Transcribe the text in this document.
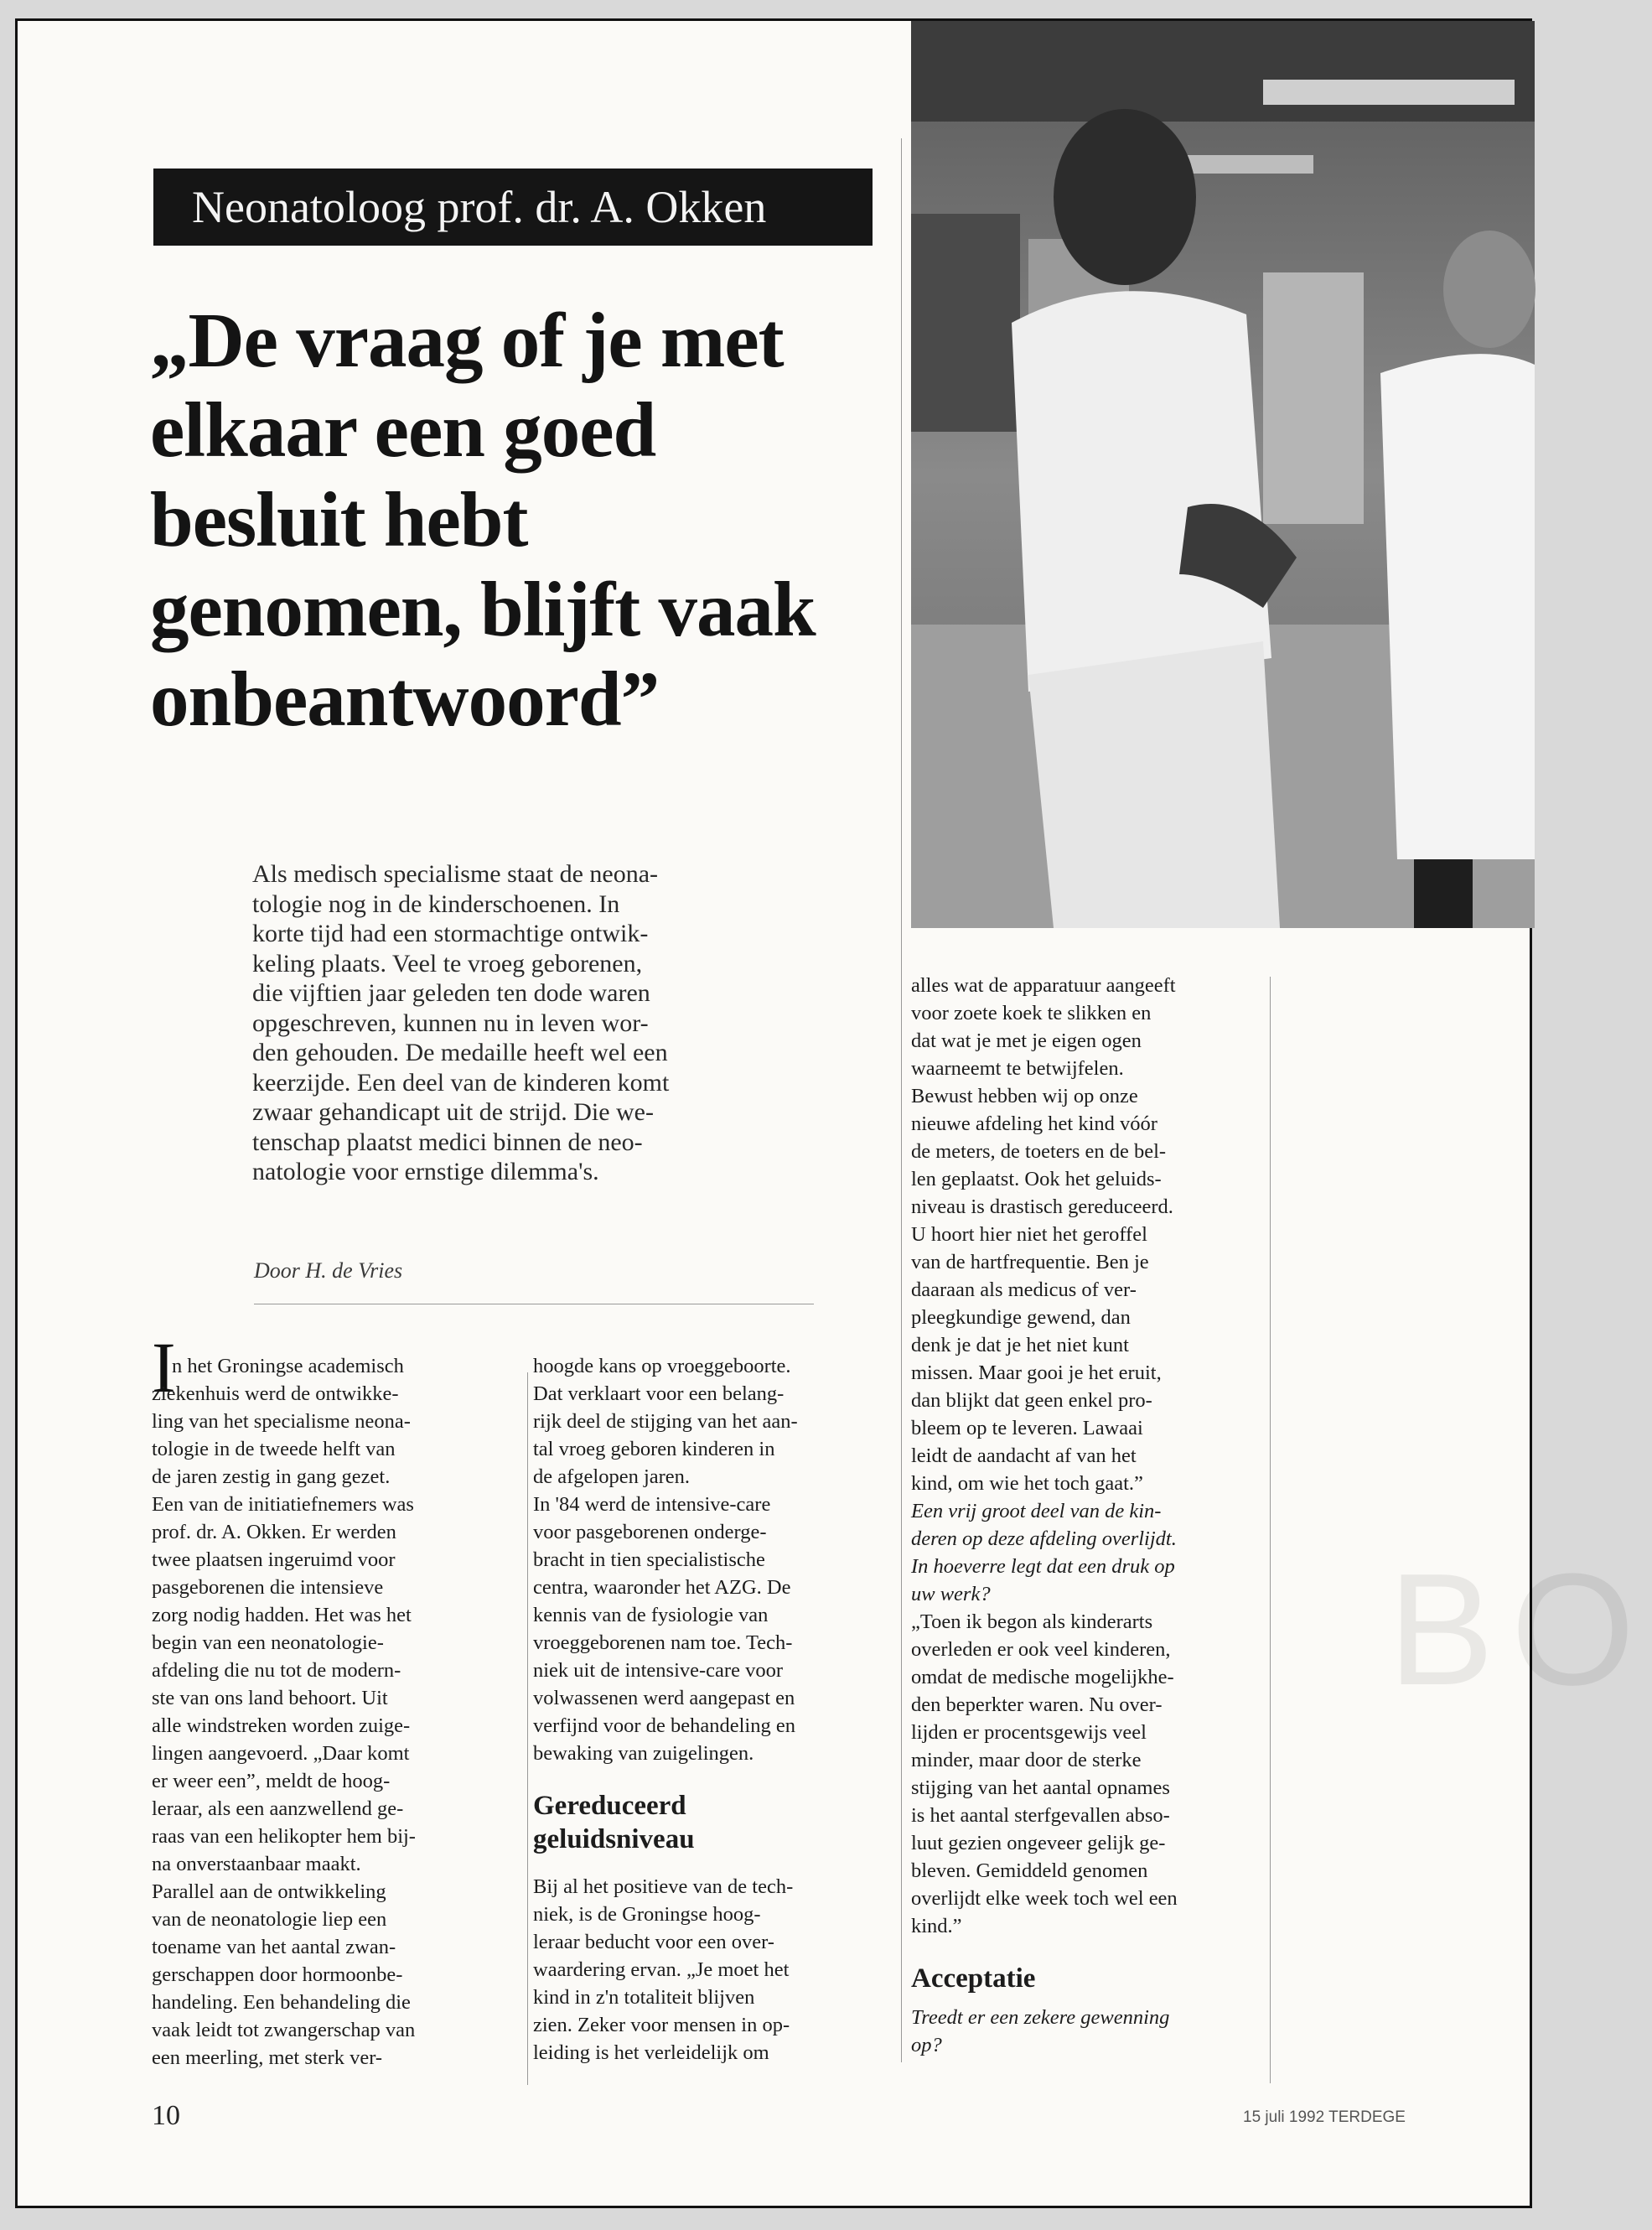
BO
Neonatoloog prof. dr. A. Okken
„De vraag of je met
elkaar een goed
besluit hebt
genomen, blijft vaak
onbeantwoord”
Als medisch specialisme staat de neona-
tologie nog in de kinderschoenen. In
korte tijd had een stormachtige ontwik-
keling plaats. Veel te vroeg geborenen,
die vijftien jaar geleden ten dode waren
opgeschreven, kunnen nu in leven wor-
den gehouden. De medaille heeft wel een
keerzijde. Een deel van de kinderen komt
zwaar gehandicapt uit de strijd. Die we-
tenschap plaatst medici binnen de neo-
natologie voor ernstige dilemma's.
Door H. de Vries
I
n het Groningse academisch
ziekenhuis werd de ontwikke-
ling van het specialisme neona-
tologie in de tweede helft van
de jaren zestig in gang gezet.
Een van de initiatiefnemers was
prof. dr. A. Okken. Er werden
twee plaatsen ingeruimd voor
pasgeborenen die intensieve
zorg nodig hadden. Het was het
begin van een neonatologie-
afdeling die nu tot de modern-
ste van ons land behoort. Uit
alle windstreken worden zuige-
lingen aangevoerd. „Daar komt
er weer een”, meldt de hoog-
leraar, als een aanzwellend ge-
raas van een helikopter hem bij-
na onverstaanbaar maakt.
Parallel aan de ontwikkeling
van de neonatologie liep een
toename van het aantal zwan-
gerschappen door hormoonbe-
handeling. Een behandeling die
vaak leidt tot zwangerschap van
een meerling, met sterk ver-
hoogde kans op vroeggeboorte.
Dat verklaart voor een belang-
rijk deel de stijging van het aan-
tal vroeg geboren kinderen in
de afgelopen jaren.
In '84 werd de intensive-care
voor pasgeborenen onderge-
bracht in tien specialistische
centra, waaronder het AZG. De
kennis van de fysiologie van
vroeggeborenen nam toe. Tech-
niek uit de intensive-care voor
volwassenen werd aangepast en
verfijnd voor de behandeling en
bewaking van zuigelingen.
Gereduceerd
geluidsniveau
Bij al het positieve van de tech-
niek, is de Groningse hoog-
leraar beducht voor een over-
waardering ervan. „Je moet het
kind in z'n totaliteit blijven
zien. Zeker voor mensen in op-
leiding is het verleidelijk om
alles wat de apparatuur aangeeft
voor zoete koek te slikken en
dat wat je met je eigen ogen
waarneemt te betwijfelen.
Bewust hebben wij op onze
nieuwe afdeling het kind vóór
de meters, de toeters en de bel-
len geplaatst. Ook het geluids-
niveau is drastisch gereduceerd.
U hoort hier niet het geroffel
van de hartfrequentie. Ben je
daaraan als medicus of ver-
pleegkundige gewend, dan
denk je dat je het niet kunt
missen. Maar gooi je het eruit,
dan blijkt dat geen enkel pro-
bleem op te leveren. Lawaai
leidt de aandacht af van het
kind, om wie het toch gaat.”
Een vrij groot deel van de kin-
deren op deze afdeling overlijdt.
In hoeverre legt dat een druk op
uw werk?
„Toen ik begon als kinderarts
overleden er ook veel kinderen,
omdat de medische mogelijkhe-
den beperkter waren. Nu over-
lijden er procentsgewijs veel
minder, maar door de sterke
stijging van het aantal opnames
is het aantal sterfgevallen abso-
luut gezien ongeveer gelijk ge-
bleven. Gemiddeld genomen
overlijdt elke week toch wel een
kind.”
Acceptatie
Treedt er een zekere gewenning
op?
10	15 juli 1992 TERDEGE
